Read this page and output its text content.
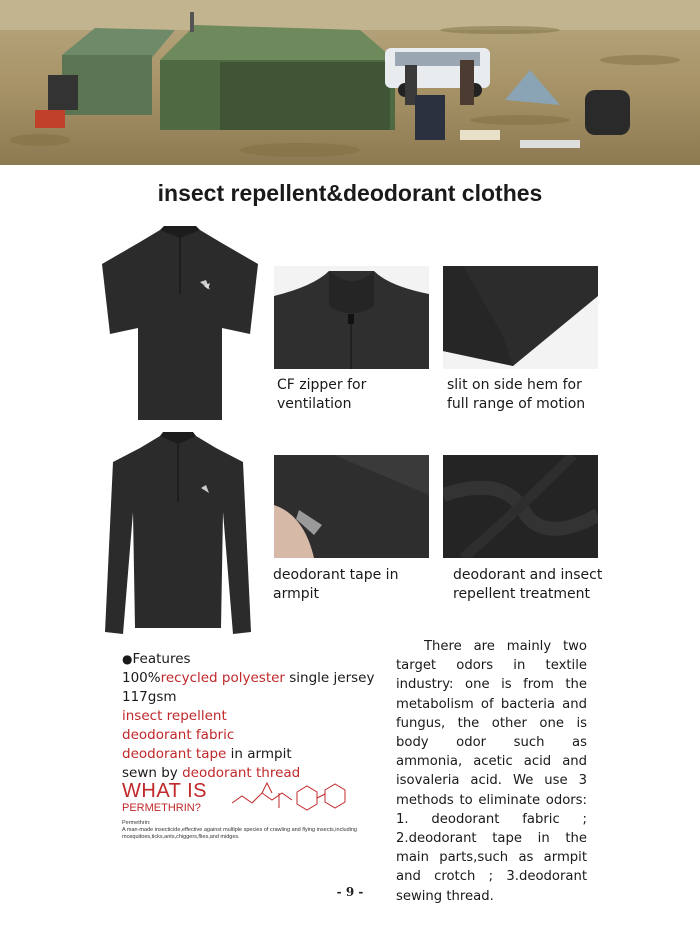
insect repellent&deodorant clothes
CF zipper for ventilation
slit on side hem for full range of motion
deodorant tape in armpit
deodorant and insect repellent treatment
●Features
100%recycled polyester single jersey
117gsm
insect repellent
deodorant fabric
deodorant tape in armpit
sewn by deodorant thread
WHAT IS
PERMETHRIN?
Permethrin:
A man-made insecticide,effective against multiple species of crawling and flying insects,including mosquitoes,ticks,ants,chiggers,flies,and midges.
There are mainly two target odors in textile industry: one is from the metabolism of bacteria and fungus, the other one is body odor such as ammonia, acetic acid and isovaleria acid. We use 3 methods to eliminate odors: 1. deodorant fabric ; 2.deodorant tape in the main parts,such as armpit and crotch ; 3.deodorant sewing thread.
- 9 -
